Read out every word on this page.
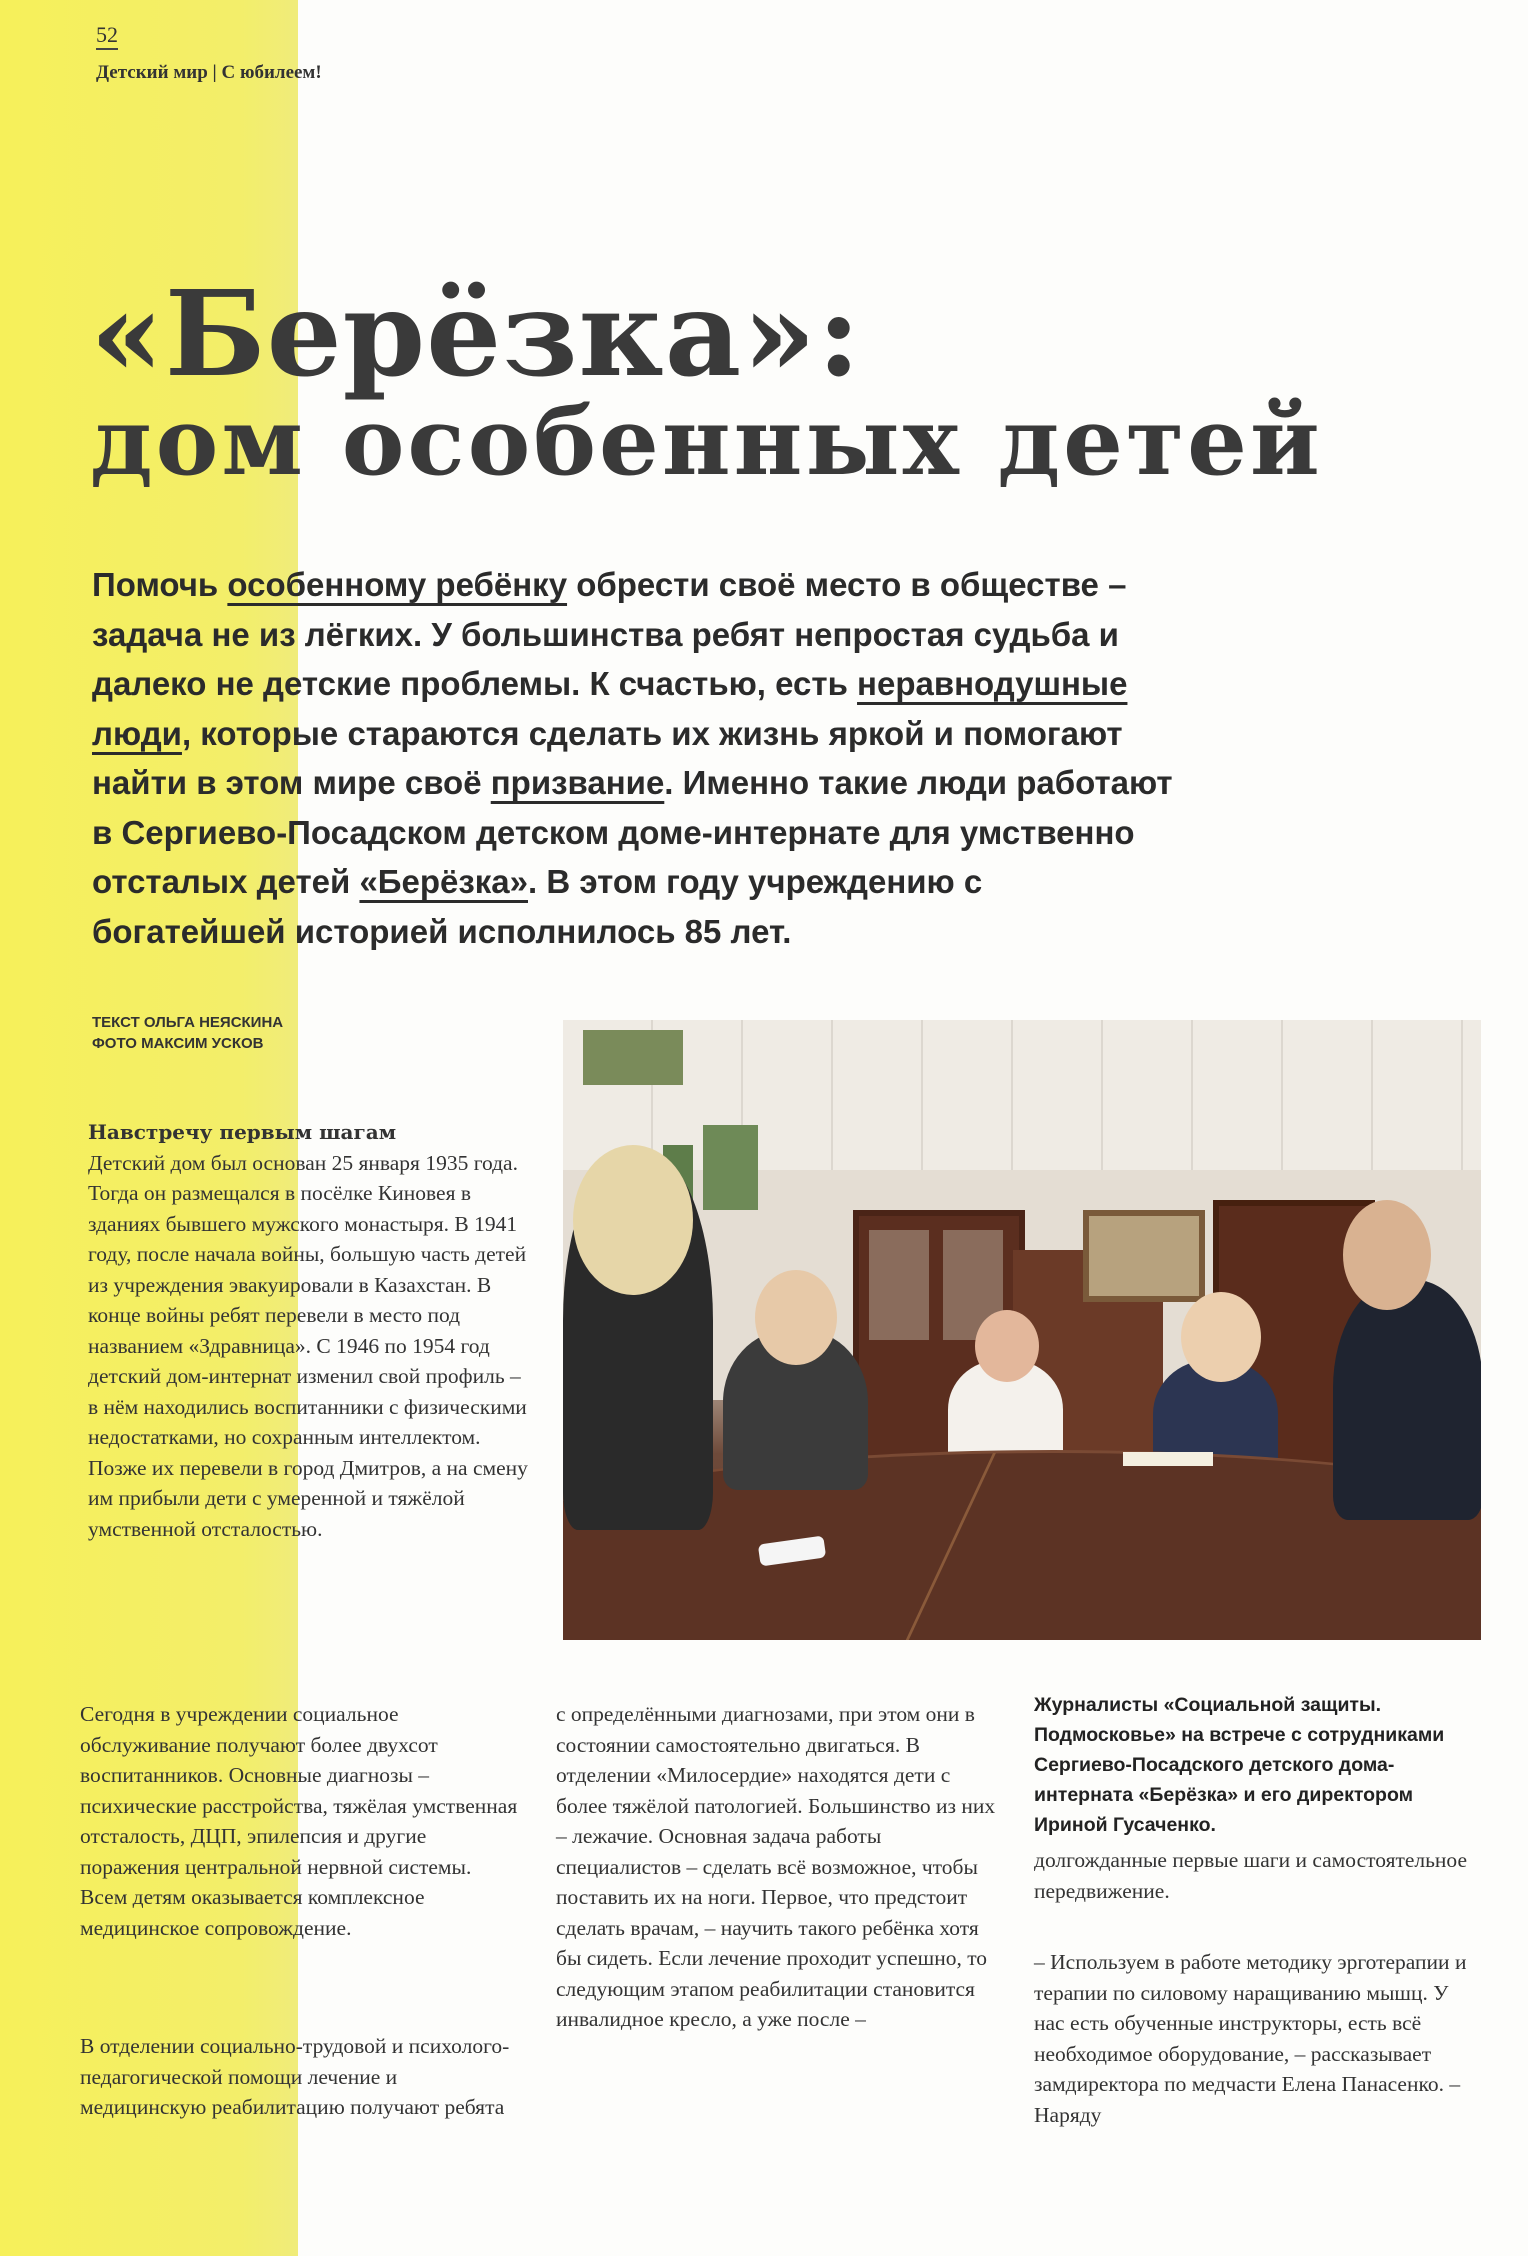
52
Детский мир | С юбилеем!
«Берёзка»:
дом особенных детей

Помочь особенному ребёнку обрести своё место в обществе – задача не из лёгких. У большинства ребят непростая судьба и далеко не детские проблемы. К счастью, есть неравнодушные люди, которые стараются сделать их жизнь яркой и помогают найти в этом мире своё призвание. Именно такие люди работают в Сергиево-Посадском детском доме-интернате для умственно отсталых детей «Берёзка». В этом году учреждению с богатейшей историей исполнилось 85 лет.

ТЕКСТ ОЛЬГА НЕЯСКИНА
ФОТО МАКСИМ УСКОВ
Навстречу первым шагам

Детский дом был основан 25 января 1935 года. Тогда он размещался в посёлке Киновея в зданиях бывшего мужского монастыря. В 1941 году, после начала войны, большую часть детей из учреждения эвакуировали в Казахстан. В конце войны ребят перевели в место под названием «Здравница». С 1946 по 1954 год детский дом-интернат изменил свой профиль – в нём находились воспитанники с физическими недостатками, но сохранным интеллектом. Позже их перевели в город Дмитров, а на смену им прибыли дети с умеренной и тяжёлой умственной отсталостью.

Сегодня в учреждении социальное обслуживание получают более двухсот воспитанников. Основные диагнозы – психические расстройства, тяжёлая умственная отсталость, ДЦП, эпилепсия и другие поражения центральной нервной системы. Всем детям оказывается комплексное медицинское сопровождение.

В отделении социально-трудовой и психолого-педагогической помощи лечение и медицинскую реабилитацию получают ребята

с определёнными диагнозами, при этом они в состоянии самостоятельно двигаться. В отделении «Милосердие» находятся дети с более тяжёлой патологией. Большинство из них – лежачие. Основная задача работы специалистов – сделать всё возможное, чтобы поставить их на ноги. Первое, что предстоит сделать врачам, – научить такого ребёнка хотя бы сидеть. Если лечение проходит успешно, то следующим этапом реабилитации становится инвалидное кресло, а уже после –

Журналисты «Социальной защиты. Подмосковье» на встрече с сотрудниками Сергиево-Посадского детского дома-интерната «Берёзка» и его директором Ириной Гусаченко.

долгожданные первые шаги и самостоятельное передвижение.

– Используем в работе методику эрготерапии и терапии по силовому наращиванию мышц. У нас есть обученные инструкторы, есть всё необходимое оборудование, – рассказывает замдиректора по медчасти Елена Панасенко. – Наряду
